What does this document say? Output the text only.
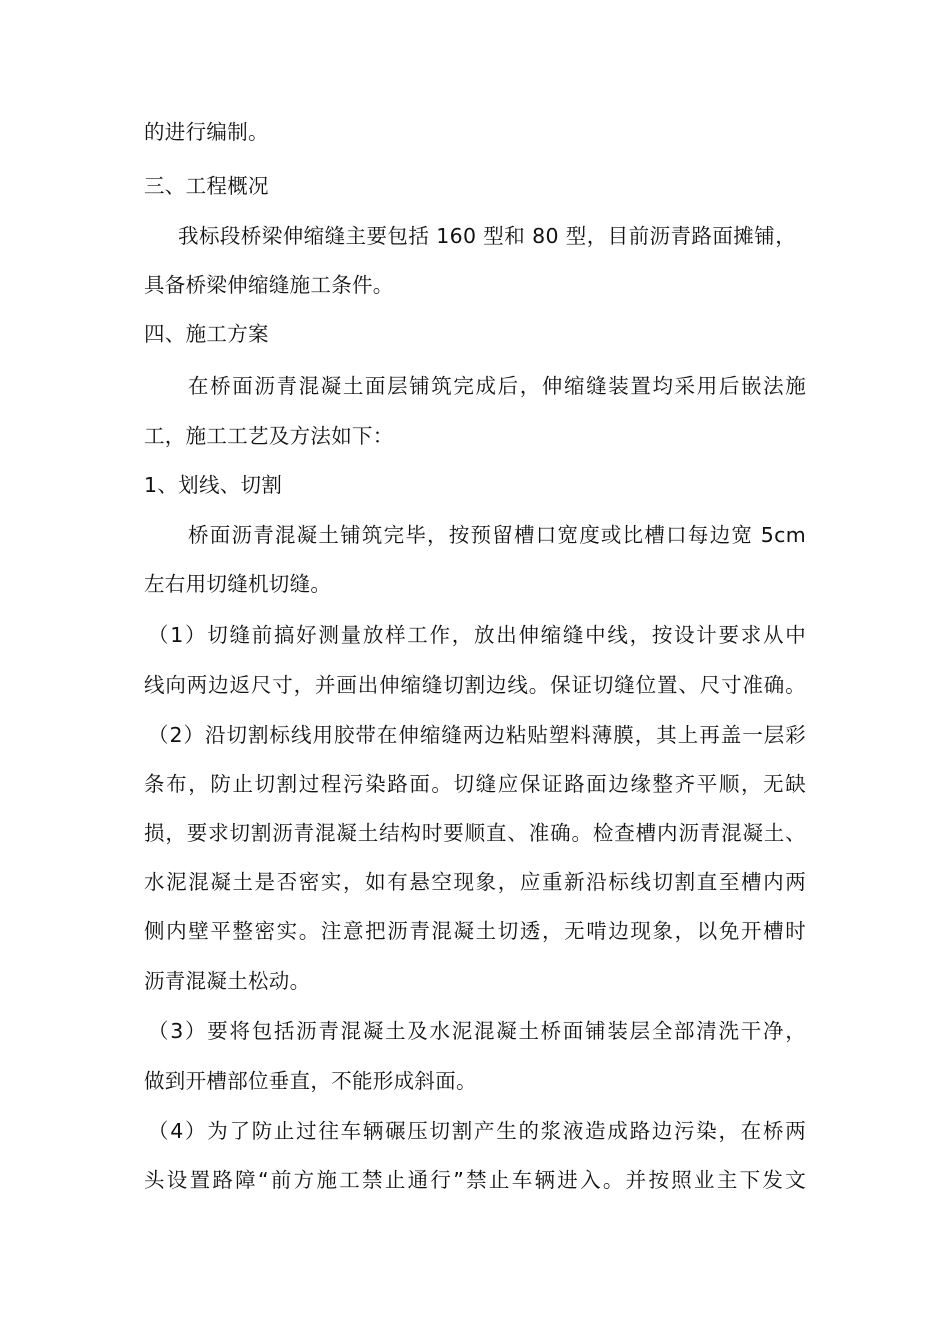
的进行编制。
三、工程概况
我标段桥梁伸缩缝主要包括 160 型和 80 型，目前沥青路面摊铺，
具备桥梁伸缩缝施工条件。
四、施工方案
在桥面沥青混凝土面层铺筑完成后，伸缩缝装置均采用后嵌法施
工，施工工艺及方法如下：
1、划线、切割
桥面沥青混凝土铺筑完毕，按预留槽口宽度或比槽口每边宽 5cm
左右用切缝机切缝。
（1）切缝前搞好测量放样工作，放出伸缩缝中线，按设计要求从中
线向两边返尺寸，并画出伸缩缝切割边线。保证切缝位置、尺寸准确。
（2）沿切割标线用胶带在伸缩缝两边粘贴塑料薄膜，其上再盖一层彩
条布，防止切割过程污染路面。切缝应保证路面边缘整齐平顺，无缺
损，要求切割沥青混凝土结构时要顺直、准确。检查槽内沥青混凝土、
水泥混凝土是否密实，如有悬空现象，应重新沿标线切割直至槽内两
侧内壁平整密实。注意把沥青混凝土切透，无啃边现象，以免开槽时
沥青混凝土松动。
（3）要将包括沥青混凝土及水泥混凝土桥面铺装层全部清洗干净，
做到开槽部位垂直，不能形成斜面。
（4）为了防止过往车辆碾压切割产生的浆液造成路边污染，在桥两
头设置路障“前方施工禁止通行”禁止车辆进入。并按照业主下发文
